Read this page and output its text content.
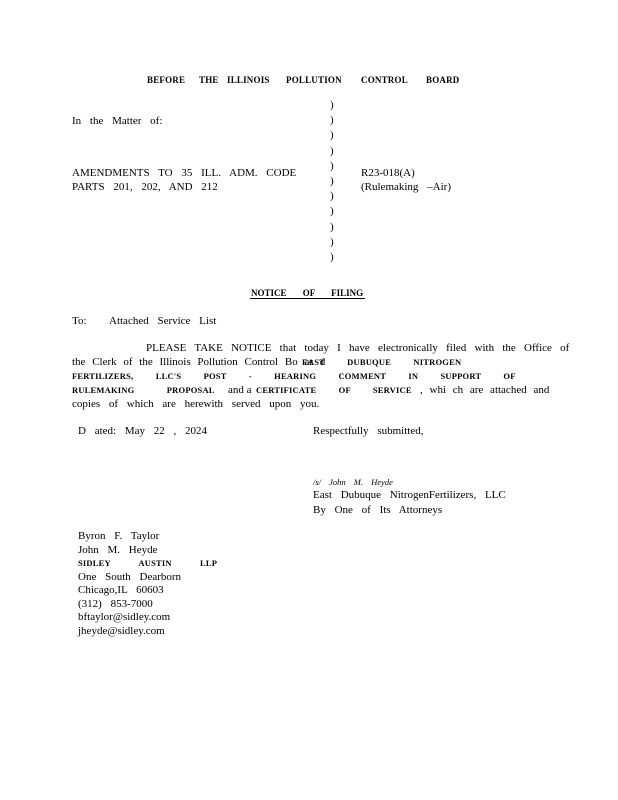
BEFORE THE ILLINOIS POLLUTION CONTROL BOARD
In the Matter of:
)
)
)
)
)
)
)
)
)
)
)
AMENDMENTS TO 35 ILL. ADM. CODE
PARTS 201, 202, AND 212
R23-018(A)
(Rulemaking –Air)
NOTICE OF FILING
To: Attached Service List
PLEASE TAKE NOTICE that today I have electronically filed with the Office of
the Clerk of the Illinois Pollution Control Bo ar d
EAST DUBUQUE NITROGEN
FERTILIZERS, LLC'S POST - HEARING COMMENT IN SUPPORT OF
RULEMAKING PROPOSAL and a CERTIFICATE OF SERVICE , whi ch are attached and
copies of which are herewith served upon you.
D ated: May 22 , 2024	Respectfully submitted,
/s/ John M. Heyde
East Dubuque NitrogenFertilizers, LLC
By One of Its Attorneys
Byron F. Taylor
John M. Heyde
SIDLEY AUSTIN LLP
One South Dearborn
Chicago,IL 60603
(312) 853-7000
bftaylor@sidley.com
jheyde@sidley.com
